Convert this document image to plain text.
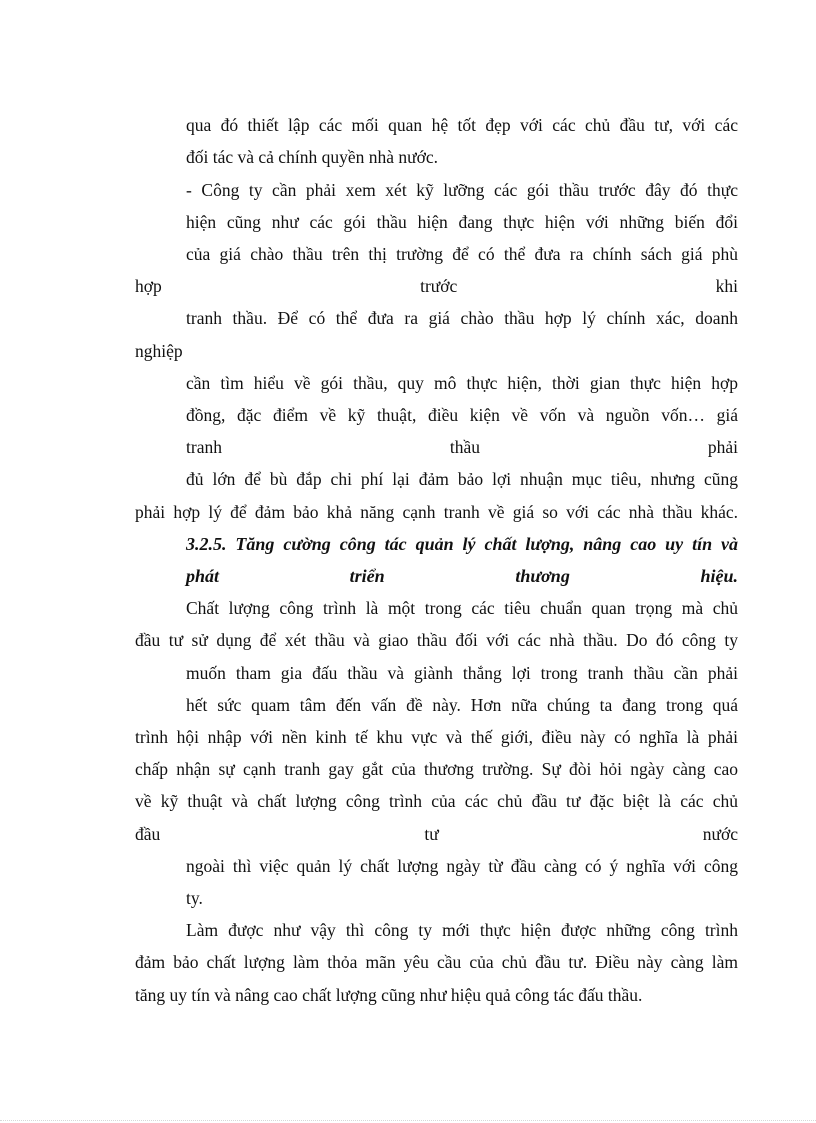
qua đó thiết lập các mối quan hệ tốt đẹp với các chủ đầu tư, với các
đối tác và cả chính quyền nhà nước.
- Công ty cần phải xem xét kỹ lưỡng các gói thầu trước đây đó thực
hiện cũng như các gói thầu hiện đang thực hiện với những biến đổi
của giá chào thầu trên thị trường để có thể đưa ra chính sách giá phù
hợp trước khi
tranh thầu. Để có thể đưa ra giá chào thầu hợp lý chính xác, doanh
nghiệp
cần tìm hiểu về gói thầu, quy mô thực hiện, thời gian thực hiện hợp
đồng, đặc điểm về kỹ thuật, điều kiện về vốn và nguồn vốn… giá
tranh thầu phải
đủ lớn để bù đắp chi phí lại đảm bảo lợi nhuận mục tiêu, nhưng cũng
phải hợp lý để đảm bảo khả năng cạnh tranh về giá so với các nhà thầu khác.
3.2.5. Tăng cường công tác quản lý chất lượng, nâng cao uy tín và
phát triển thương hiệu.
Chất lượng công trình là một trong các tiêu chuẩn quan trọng mà chủ
đầu tư sử dụng để xét thầu và giao thầu đối với các nhà thầu. Do đó công ty
muốn tham gia đấu thầu và giành thắng lợi trong tranh thầu cần phải
hết sức quam tâm đến vấn đề này. Hơn nữa chúng ta đang trong quá
trình hội nhập với nền kinh tế khu vực và thế giới, điều này có nghĩa là phải
chấp nhận sự cạnh tranh gay gắt của thương trường. Sự đòi hỏi ngày càng cao
về kỹ thuật và chất lượng công trình của các chủ đầu tư đặc biệt là các chủ
đầu tư nước
ngoài thì việc quản lý chất lượng ngày từ đầu càng có ý nghĩa với công
ty.
Làm được như vậy thì công ty mới thực hiện được những công trình
đảm bảo chất lượng làm thỏa mãn yêu cầu của chủ đầu tư. Điều này càng làm
tăng uy tín và nâng cao chất lượng cũng như hiệu quả công tác đấu thầu.
